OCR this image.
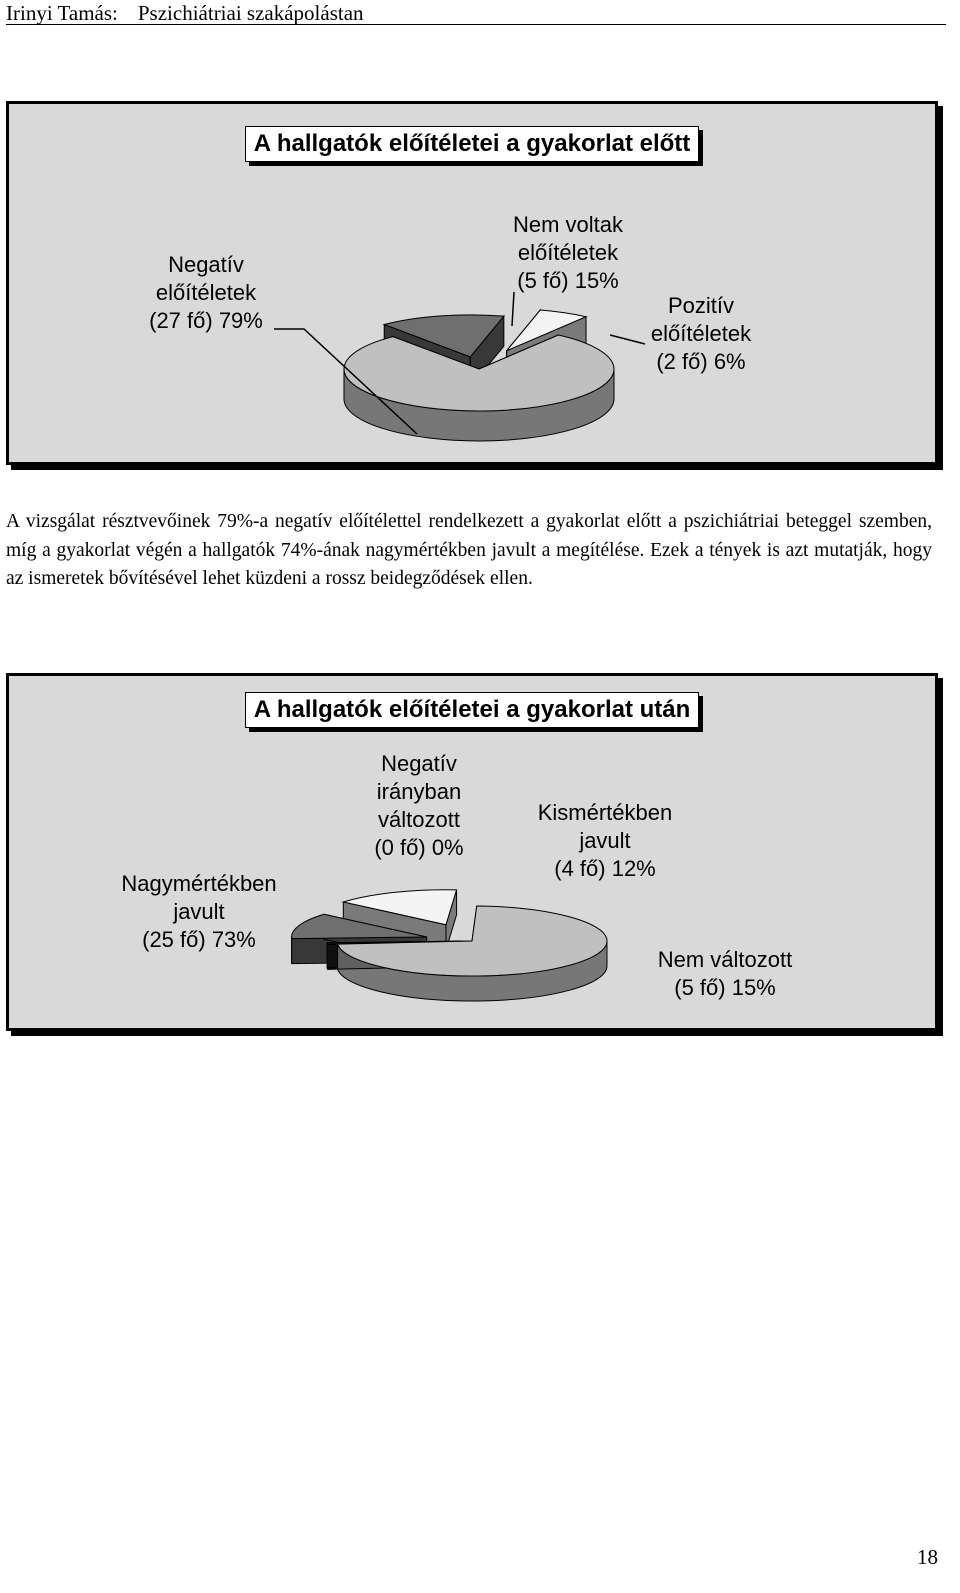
Irinyi Tamás: Pszichiátriai szakápolástan
A hallgatók előítéletei a gyakorlat előtt
Negatív előítéletek (27 fő) 79%
Nem voltak előítéletek (5 fő) 15%
Pozitív előítéletek (2 fő) 6%
A vizsgálat résztvevőinek 79%-a negatív előítélettel rendelkezett a gyakorlat előtt a pszichiátriai beteggel szemben, míg a gyakorlat végén a hallgatók 74%-ának nagymértékben javult a megítélése. Ezek a tények is azt mutatják, hogy az ismeretek bővítésével lehet küzdeni a rossz beidegződések ellen.
A hallgatók előítéletei a gyakorlat után
Nagymértékben javult (25 fő) 73%
Negatív irányban változott (0 fő) 0%
Kismértékben javult (4 fő) 12%
Nem változott (5 fő) 15%
18
